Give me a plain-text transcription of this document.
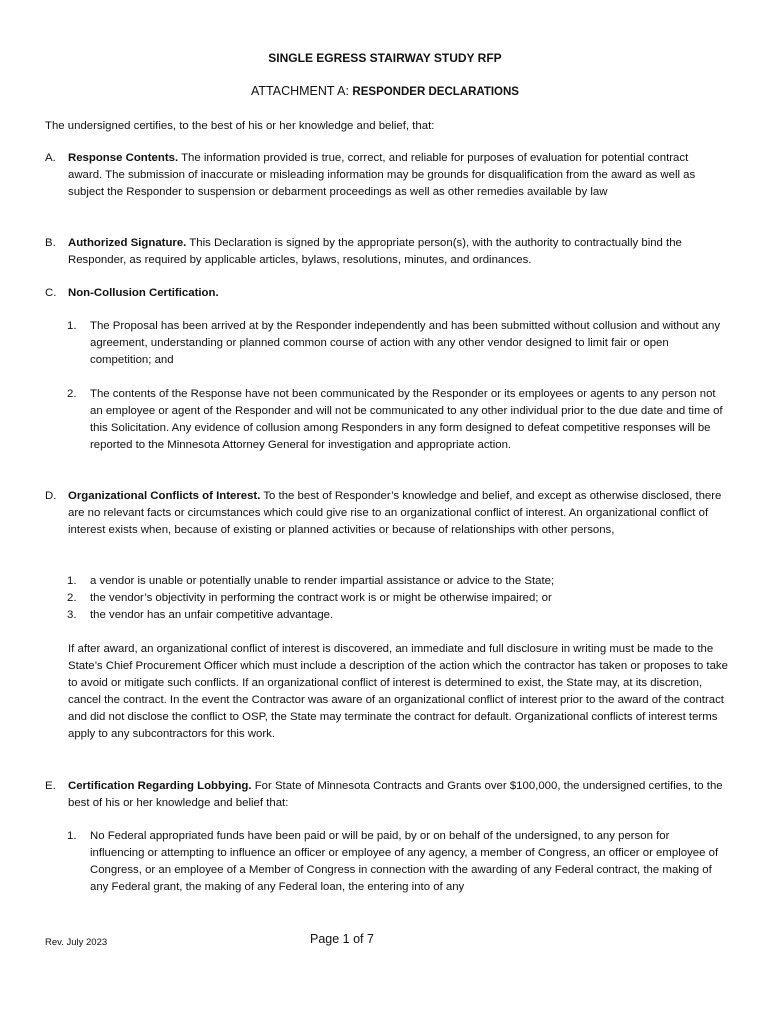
SINGLE EGRESS STAIRWAY STUDY RFP
ATTACHMENT A: RESPONDER DECLARATIONS
The undersigned certifies, to the best of his or her knowledge and belief, that:
A.	Response Contents. The information provided is true, correct, and reliable for purposes of evaluation for potential contract award. The submission of inaccurate or misleading information may be grounds for disqualification from the award as well as subject the Responder to suspension or debarment proceedings as well as other remedies available by law
B.	Authorized Signature. This Declaration is signed by the appropriate person(s), with the authority to contractually bind the Responder, as required by applicable articles, bylaws, resolutions, minutes, and ordinances.
C.	Non-Collusion Certification.
1.	The Proposal has been arrived at by the Responder independently and has been submitted without collusion and without any agreement, understanding or planned common course of action with any other vendor designed to limit fair or open competition; and
2.	The contents of the Response have not been communicated by the Responder or its employees or agents to any person not an employee or agent of the Responder and will not be communicated to any other individual prior to the due date and time of this Solicitation. Any evidence of collusion among Responders in any form designed to defeat competitive responses will be reported to the Minnesota Attorney General for investigation and appropriate action.
D.	Organizational Conflicts of Interest. To the best of Responder’s knowledge and belief, and except as otherwise disclosed, there are no relevant facts or circumstances which could give rise to an organizational conflict of interest. An organizational conflict of interest exists when, because of existing or planned activities or because of relationships with other persons,
1.	a vendor is unable or potentially unable to render impartial assistance or advice to the State;
2.	the vendor’s objectivity in performing the contract work is or might be otherwise impaired; or
3.	the vendor has an unfair competitive advantage.
If after award, an organizational conflict of interest is discovered, an immediate and full disclosure in writing must be made to the State’s Chief Procurement Officer which must include a description of the action which the contractor has taken or proposes to take to avoid or mitigate such conflicts. If an organizational conflict of interest is determined to exist, the State may, at its discretion, cancel the contract. In the event the Contractor was aware of an organizational conflict of interest prior to the award of the contract and did not disclose the conflict to OSP, the State may terminate the contract for default. Organizational conflicts of interest terms apply to any subcontractors for this work.
E.	Certification Regarding Lobbying. For State of Minnesota Contracts and Grants over $100,000, the undersigned certifies, to the best of his or her knowledge and belief that:
1.	No Federal appropriated funds have been paid or will be paid, by or on behalf of the undersigned, to any person for influencing or attempting to influence an officer or employee of any agency, a member of Congress, an officer or employee of Congress, or an employee of a Member of Congress in connection with the awarding of any Federal contract, the making of any Federal grant, the making of any Federal loan, the entering into of any
Rev. July 2023	Page 1 of 7
